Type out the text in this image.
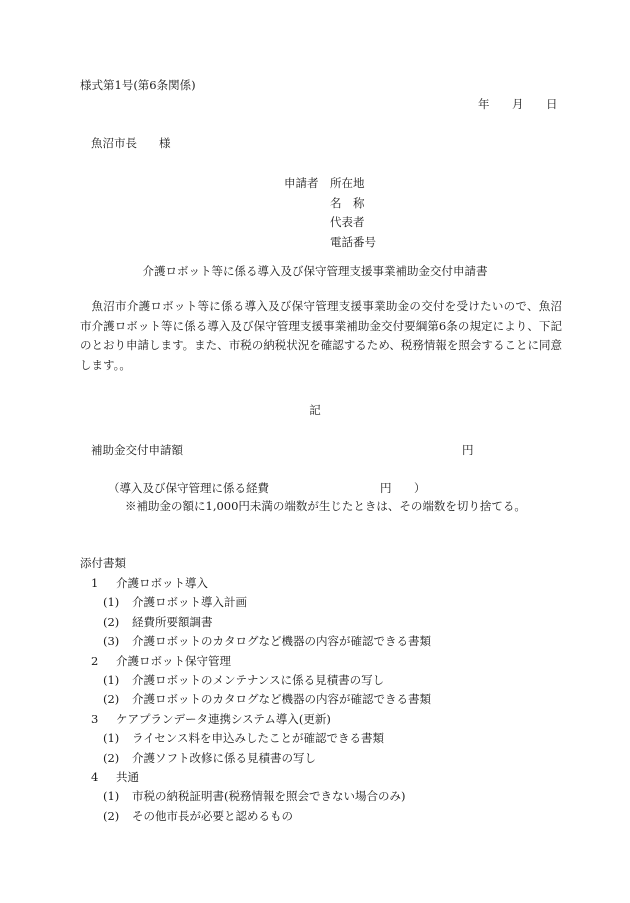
様式第1号(第6条関係)
年 月 日
魚沼市長 様
申請者 所在地
名　称
代表者
電話番号
介護ロボット等に係る導入及び保守管理支援事業補助金交付申請書
魚沼市介護ロボット等に係る導入及び保守管理支援事業助金の交付を受けたいので、魚沼市介護ロボット等に係る導入及び保守管理支援事業補助金交付要綱第6条の規定により、下記のとおり申請します。また、市税の納税状況を確認するため、税務情報を照会することに同意します。。
記
補助金交付申請額	円
（導入及び保守管理に係る経費	円 ）
※補助金の額に1,000円未満の端数が生じたときは、その端数を切り捨てる。
添付書類
1 介護ロボット導入
(1) 介護ロボット導入計画
(2) 経費所要額調書
(3) 介護ロボットのカタログなど機器の内容が確認できる書類
2 介護ロボット保守管理
(1) 介護ロボットのメンテナンスに係る見積書の写し
(2) 介護ロボットのカタログなど機器の内容が確認できる書類
3 ケアプランデータ連携システム導入(更新)
(1) ライセンス料を申込みしたことが確認できる書類
(2) 介護ソフト改修に係る見積書の写し
4 共通
(1) 市税の納税証明書(税務情報を照会できない場合のみ)
(2) その他市長が必要と認めるもの
